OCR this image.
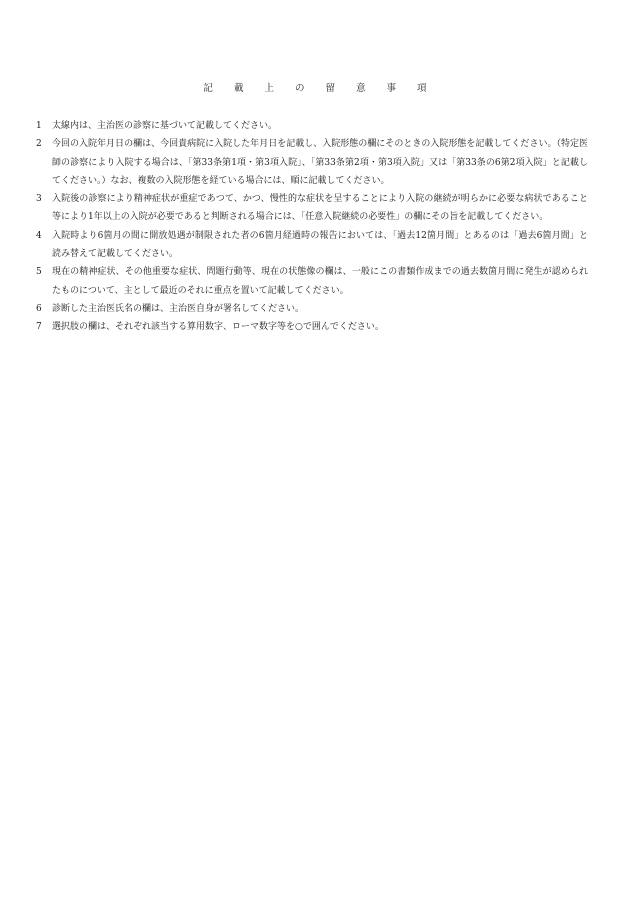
記 載 上 の 留 意 事 項
1	太線内は、主治医の診察に基づいて記載してください。
2	今回の入院年月日の欄は、今回貴病院に入院した年月日を記載し、入院形態の欄にそのときの入院形態を記載してください。（特定医師の診察により入院する場合は、「第33条第1項・第3項入院」、「第33条第2項・第3項入院」又は「第33条の6第2項入院」と記載してください。）なお、複数の入院形態を経ている場合には、順に記載してください。
3	入院後の診察により精神症状が重症であつて、かつ、慢性的な症状を呈することにより入院の継続が明らかに必要な病状であること等により1年以上の入院が必要であると判断される場合には、「任意入院継続の必要性」の欄にその旨を記載してください。
4	入院時より6箇月の間に開放処遇が制限された者の6箇月経過時の報告においては、「過去12箇月間」とあるのは「過去6箇月間」と読み替えて記載してください。
5	現在の精神症状、その他重要な症状、問題行動等、現在の状態像の欄は、一般にこの書類作成までの過去数箇月間に発生が認められたものについて、主として最近のそれに重点を置いて記載してください。
6	診断した主治医氏名の欄は、主治医自身が署名してください。
7	選択肢の欄は、それぞれ該当する算用数字、ローマ数字等を○で囲んでください。
